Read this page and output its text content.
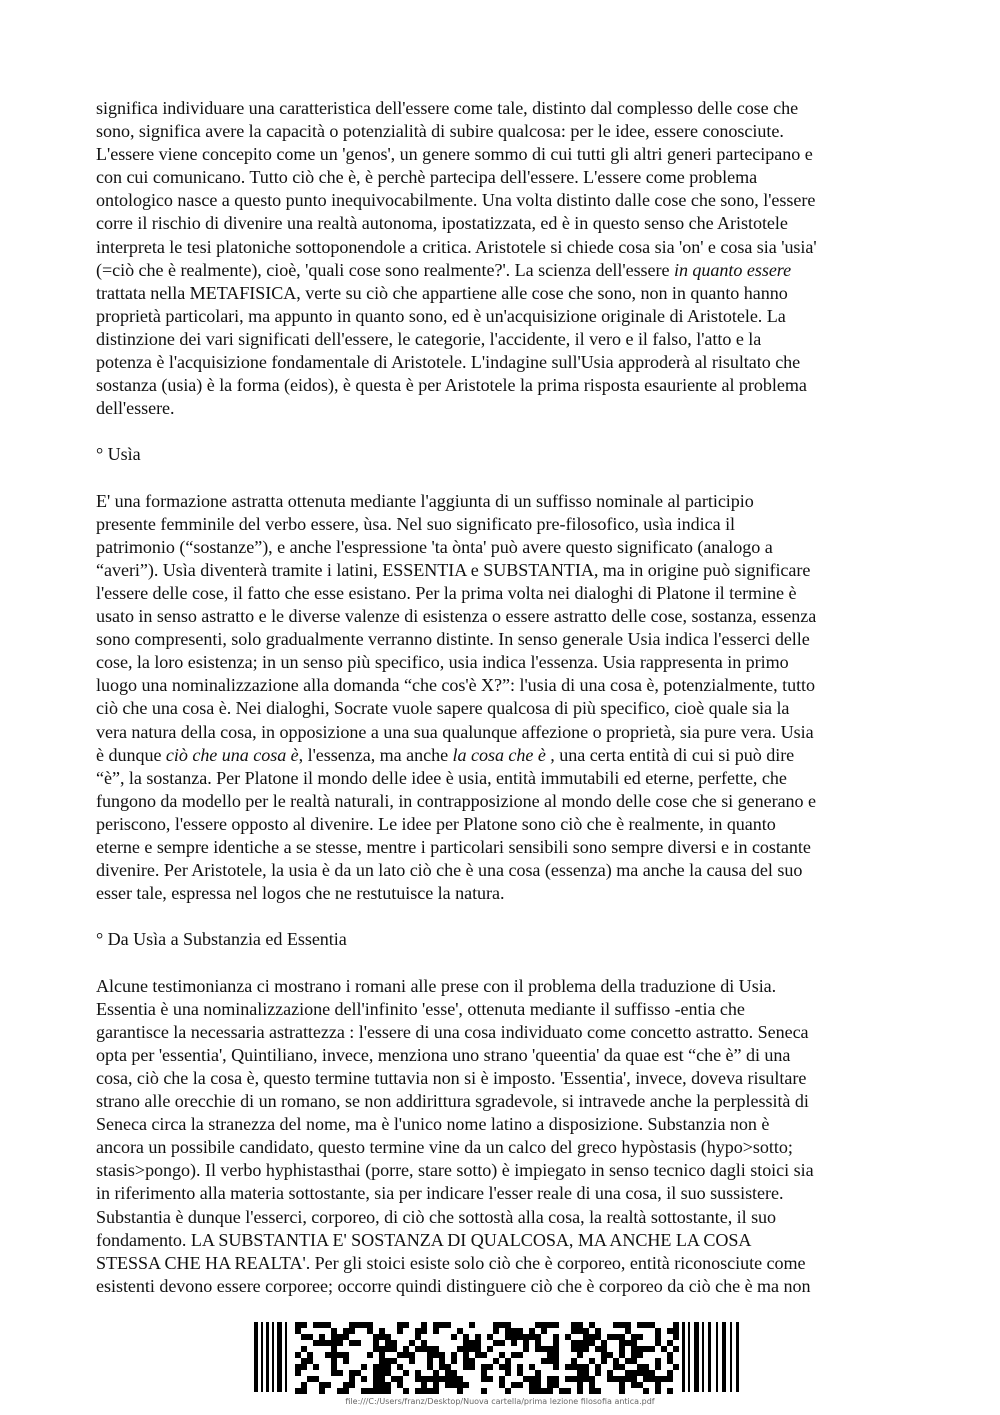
significa individuare una caratteristica dell'essere come tale, distinto dal complesso delle cose che
sono, significa avere la capacità o potenzialità di subire qualcosa: per le idee, essere conosciute.
L'essere viene concepito come un 'genos', un genere sommo di cui tutti gli altri generi partecipano e
con cui comunicano. Tutto ciò che è, è perchè partecipa dell'essere. L'essere come problema
ontologico nasce a questo punto inequivocabilmente. Una volta distinto dalle cose che sono, l'essere
corre il rischio di divenire una realtà autonoma, ipostatizzata, ed è in questo senso che Aristotele
interpreta le tesi platoniche sottoponendole a critica. Aristotele si chiede cosa sia 'on' e cosa sia 'usia'
(=ciò che è realmente), cioè, 'quali cose sono realmente?'. La scienza dell'essere in quanto essere
trattata nella METAFISICA, verte su ciò che appartiene alle cose che sono, non in quanto hanno
proprietà particolari, ma appunto in quanto sono, ed è un'acquisizione originale di Aristotele. La
distinzione dei vari significati dell'essere, le categorie, l'accidente, il vero e il falso, l'atto e la
potenza è l'acquisizione fondamentale di Aristotele. L'indagine sull'Usia approderà al risultato che
sostanza (usia) è la forma (eidos), è questa è per Aristotele la prima risposta esauriente al problema
dell'essere.
° Usìa
E' una formazione astratta ottenuta mediante l'aggiunta di un suffisso nominale al participio
presente femminile del verbo essere, ùsa. Nel suo significato pre-filosofico, usìa indica il
patrimonio (“sostanze”), e anche l'espressione 'ta ònta' può avere questo significato (analogo a
“averi”). Usìa diventerà tramite i latini, ESSENTIA e SUBSTANTIA, ma in origine può significare
l'essere delle cose, il fatto che esse esistano. Per la prima volta nei dialoghi di Platone il termine è
usato in senso astratto e le diverse valenze di esistenza o essere astratto delle cose, sostanza, essenza
sono compresenti, solo gradualmente verranno distinte. In senso generale Usia indica l'esserci delle
cose, la loro esistenza; in un senso più specifico, usia indica l'essenza. Usia rappresenta in primo
luogo una nominalizzazione alla domanda “che cos'è X?”: l'usia di una cosa è, potenzialmente, tutto
ciò che una cosa è. Nei dialoghi, Socrate vuole sapere qualcosa di più specifico, cioè quale sia la
vera natura della cosa, in opposizione a una sua qualunque affezione o proprietà, sia pure vera. Usia
è dunque ciò che una cosa è, l'essenza, ma anche la cosa che è , una certa entità di cui si può dire
“è”, la sostanza. Per Platone il mondo delle idee è usia, entità immutabili ed eterne, perfette, che
fungono da modello per le realtà naturali, in contrapposizione al mondo delle cose che si generano e
periscono, l'essere opposto al divenire. Le idee per Platone sono ciò che è realmente, in quanto
eterne e sempre identiche a se stesse, mentre i particolari sensibili sono sempre diversi e in costante
divenire. Per Aristotele, la usia è da un lato ciò che è una cosa (essenza) ma anche la causa del suo
esser tale, espressa nel logos che ne restutuisce la natura.
° Da Usìa a Substanzia ed Essentia
Alcune testimonianza ci mostrano i romani alle prese con il problema della traduzione di Usia.
Essentia è una nominalizzazione dell'infinito 'esse', ottenuta mediante il suffisso -entia che
garantisce la necessaria astrattezza : l'essere di una cosa individuato come concetto astratto. Seneca
opta per 'essentia', Quintiliano, invece, menziona uno strano 'queentia' da quae est “che è” di una
cosa, ciò che la cosa è, questo termine tuttavia non si è imposto. 'Essentia', invece, doveva risultare
strano alle orecchie di un romano, se non addirittura sgradevole, si intravede anche la perplessità di
Seneca circa la stranezza del nome, ma è l'unico nome latino a disposizione. Substanzia non è
ancora un possibile candidato, questo termine vine da un calco del greco hypòstasis (hypo>sotto;
stasis>pongo). Il verbo hyphistasthai (porre, stare sotto) è impiegato in senso tecnico dagli stoici sia
in riferimento alla materia sottostante, sia per indicare l'esser reale di una cosa, il suo sussistere.
Substantia è dunque l'esserci, corporeo, di ciò che sottostà alla cosa, la realtà sottostante, il suo
fondamento. LA SUBSTANTIA E' SOSTANZA DI QUALCOSA, MA ANCHE LA COSA
STESSA CHE HA REALTA'. Per gli stoici esiste solo ciò che è corporeo, entità riconosciute come
esistenti devono essere corporee; occorre quindi distinguere ciò che è corporeo da ciò che è ma non
file:///C:/Users/franz/Desktop/Nuova cartella/prima lezione filosofia antica.pdf
